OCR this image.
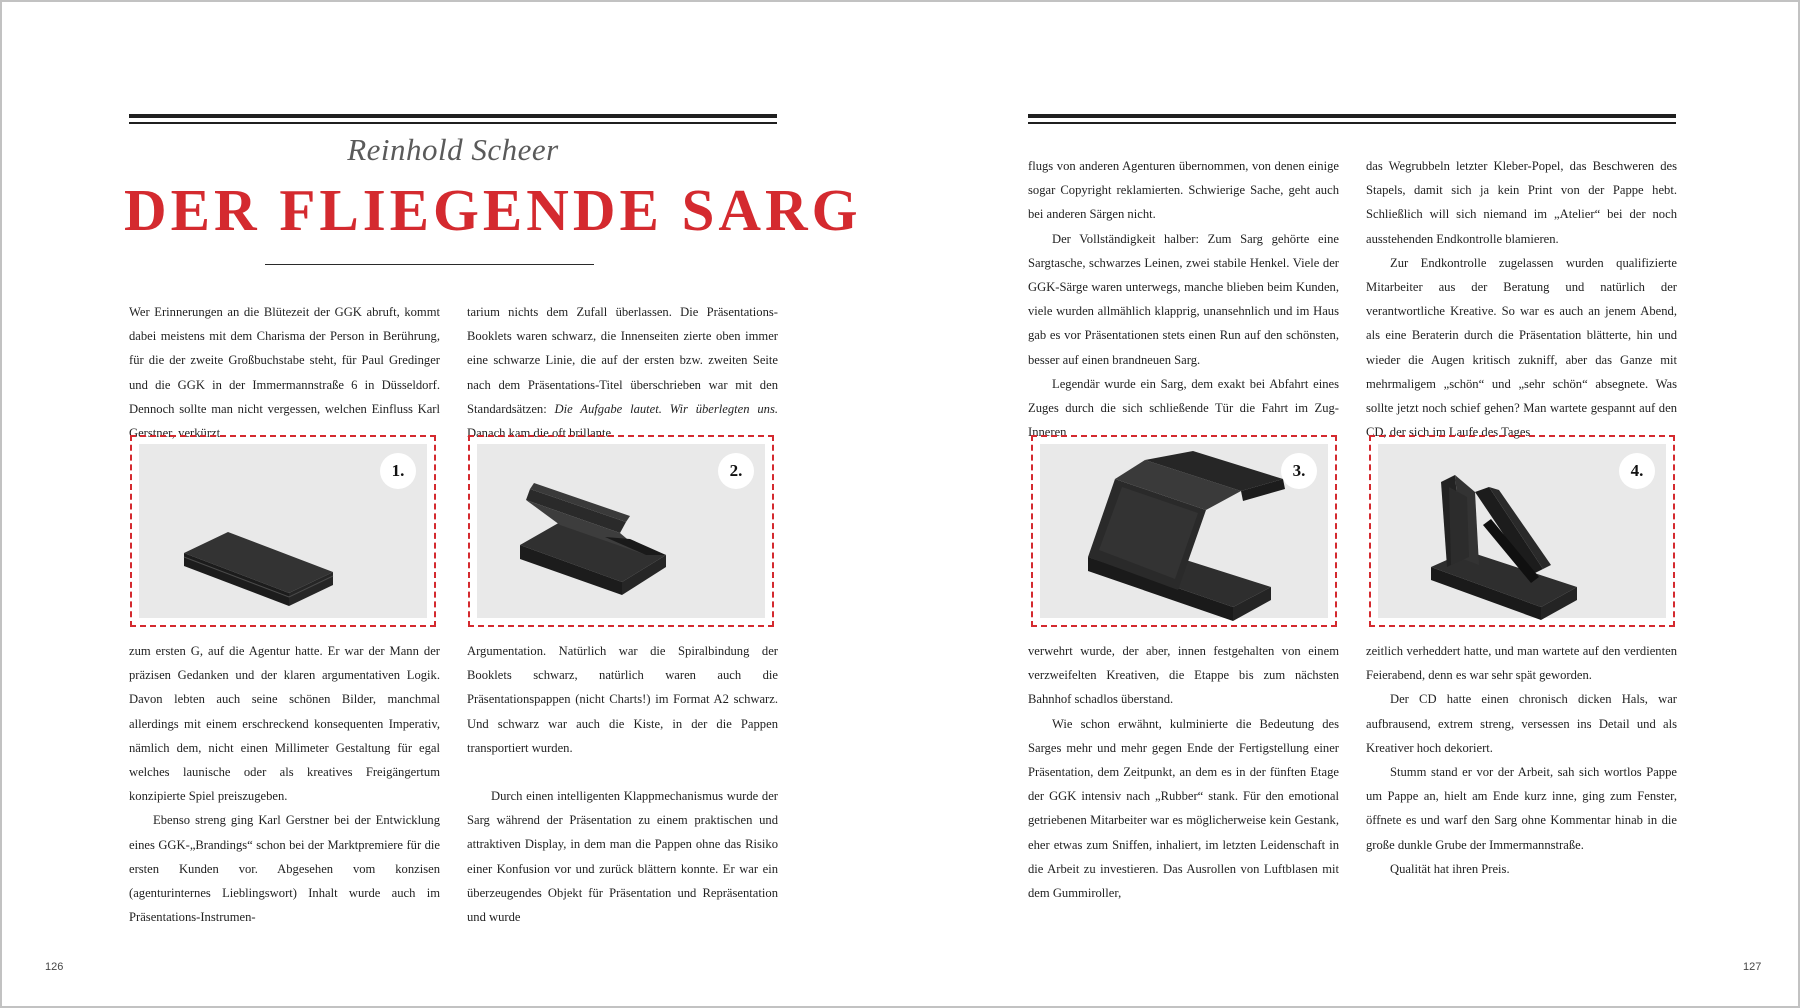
Reinhold Scheer
DER FLIEGENDE SARG

Wer Erinnerungen an die Blütezeit der GGK abruft, kommt dabei meistens mit dem Charisma der Person in Berührung, für die der zweite Großbuchstabe steht, für Paul Gredinger und die GGK in der Immermannstraße 6 in Düsseldorf. Dennoch sollte man nicht vergessen, welchen Einfluss Karl Gerstner, verkürzt

tarium nichts dem Zufall überlassen. Die Präsentations-Booklets waren schwarz, die Innenseiten zierte oben immer eine schwarze Linie, die auf der ersten bzw. zweiten Seite nach dem Präsentations-Titel überschrieben war mit den Standardsätzen: Die Aufgabe lautet. Wir überlegten uns. Danach kam die oft brillante

1.	2.

zum ersten G, auf die Agentur hatte. Er war der Mann der präzisen Gedanken und der klaren argumentativen Logik. Davon lebten auch seine schönen Bilder, manchmal allerdings mit einem erschreckend konsequenten Imperativ, nämlich dem, nicht einen Millimeter Gestaltung für egal welches launische oder als kreatives Freigängertum konzipierte Spiel preiszugeben.

Ebenso streng ging Karl Gerstner bei der Entwicklung eines GGK-„Brandings“ schon bei der Marktpremiere für die ersten Kunden vor. Abgesehen vom konzisen (agenturinternes Lieblingswort) Inhalt wurde auch im Präsentations-Instrumen-

Argumentation. Natürlich war die Spiralbindung der Booklets schwarz, natürlich waren auch die Präsentationspappen (nicht Charts!) im Format A2 schwarz. Und schwarz war auch die Kiste, in der die Pappen transportiert wurden.

Durch einen intelligenten Klappmechanismus wurde der Sarg während der Präsentation zu einem praktischen und attraktiven Display, in dem man die Pappen ohne das Risiko einer Konfusion vor und zurück blättern konnte. Er war ein überzeugendes Objekt für Präsentation und Repräsentation und wurde

126

flugs von anderen Agenturen übernommen, von denen einige sogar Copyright reklamierten. Schwierige Sache, geht auch bei anderen Särgen nicht.

Der Vollständigkeit halber: Zum Sarg gehörte eine Sargtasche, schwarzes Leinen, zwei stabile Henkel. Viele der GGK-Särge waren unterwegs, manche blieben beim Kunden, viele wurden allmählich klapprig, unansehnlich und im Haus gab es vor Präsentationen stets einen Run auf den schönsten, besser auf einen brandneuen Sarg.

Legendär wurde ein Sarg, dem exakt bei Abfahrt eines Zuges durch die sich schließende Tür die Fahrt im Zug-Inneren

das Wegrubbeln letzter Kleber-Popel, das Beschweren des Stapels, damit sich ja kein Print von der Pappe hebt. Schließlich will sich niemand im „Atelier“ bei der noch ausstehenden Endkontrolle blamieren.

Zur Endkontrolle zugelassen wurden qualifizierte Mitarbeiter aus der Beratung und natürlich der verantwortliche Kreative. So war es auch an jenem Abend, als eine Beraterin durch die Präsentation blätterte, hin und wieder die Augen kritisch zukniff, aber das Ganze mit mehrmaligem „schön“ und „sehr schön“ absegnete. Was sollte jetzt noch schief gehen? Man wartete gespannt auf den CD, der sich im Laufe des Tages

3.	4.

verwehrt wurde, der aber, innen festgehalten von einem verzweifelten Kreativen, die Etappe bis zum nächsten Bahnhof schadlos überstand.

Wie schon erwähnt, kulminierte die Bedeutung des Sarges mehr und mehr gegen Ende der Fertigstellung einer Präsentation, dem Zeitpunkt, an dem es in der fünften Etage der GGK intensiv nach „Rubber“ stank. Für den emotional getriebenen Mitarbeiter war es möglicherweise kein Gestank, eher etwas zum Sniffen, inhaliert, im letzten Leidenschaft in die Arbeit zu investieren. Das Ausrollen von Luftblasen mit dem Gummiroller,

zeitlich verheddert hatte, und man wartete auf den verdienten Feierabend, denn es war sehr spät geworden.

Der CD hatte einen chronisch dicken Hals, war aufbrausend, extrem streng, versessen ins Detail und als Kreativer hoch dekoriert.

Stumm stand er vor der Arbeit, sah sich wortlos Pappe um Pappe an, hielt am Ende kurz inne, ging zum Fenster, öffnete es und warf den Sarg ohne Kommentar hinab in die große dunkle Grube der Immermannstraße.

Qualität hat ihren Preis.

127
